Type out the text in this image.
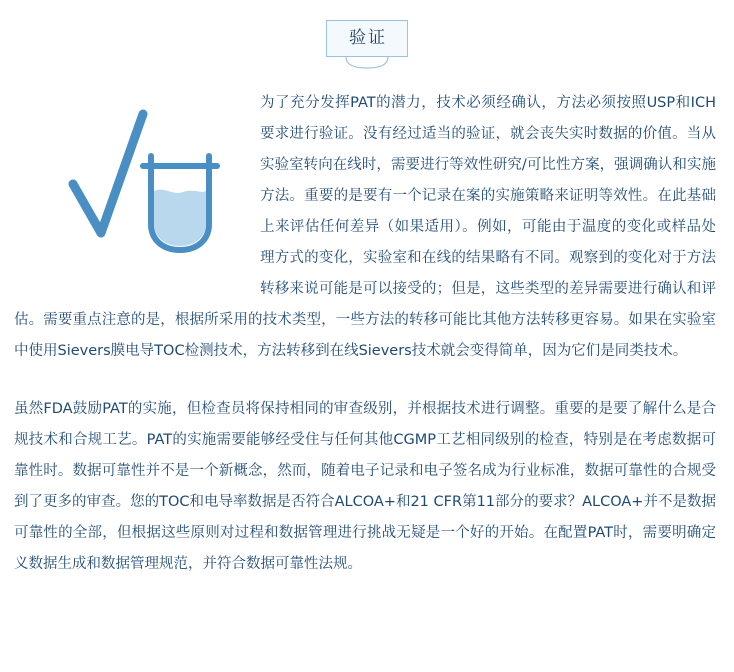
验证

为了充分发挥PAT的潜力，技术必须经确认，方法必须按照USP和ICH要求进行验证。没有经过适当的验证，就会丧失实时数据的价值。当从实验室转向在线时，需要进行等效性研究/可比性方案，强调确认和实施方法。重要的是要有一个记录在案的实施策略来证明等效性。在此基础上来评估任何差异（如果适用）。例如，可能由于温度的变化或样品处理方式的变化，实验室和在线的结果略有不同。观察到的变化对于方法转移来说可能是可以接受的；但是，这些类型的差异需要进行确认和评估。需要重点注意的是，根据所采用的技术类型，一些方法的转移可能比其他方法转移更容易。如果在实验室中使用Sievers膜电导TOC检测技术，方法转移到在线Sievers技术就会变得简单，因为它们是同类技术。

虽然FDA鼓励PAT的实施，但检查员将保持相同的审查级别，并根据技术进行调整。重要的是要了解什么是合规技术和合规工艺。PAT的实施需要能够经受住与任何其他CGMP工艺相同级别的检查，特别是在考虑数据可靠性时。数据可靠性并不是一个新概念，然而，随着电子记录和电子签名成为行业标准，数据可靠性的合规受到了更多的审查。您的TOC和电导率数据是否符合ALCOA+和21 CFR第11部分的要求？ALCOA+并不是数据可靠性的全部，但根据这些原则对过程和数据管理进行挑战无疑是一个好的开始。在配置PAT时，需要明确定义数据生成和数据管理规范，并符合数据可靠性法规。
